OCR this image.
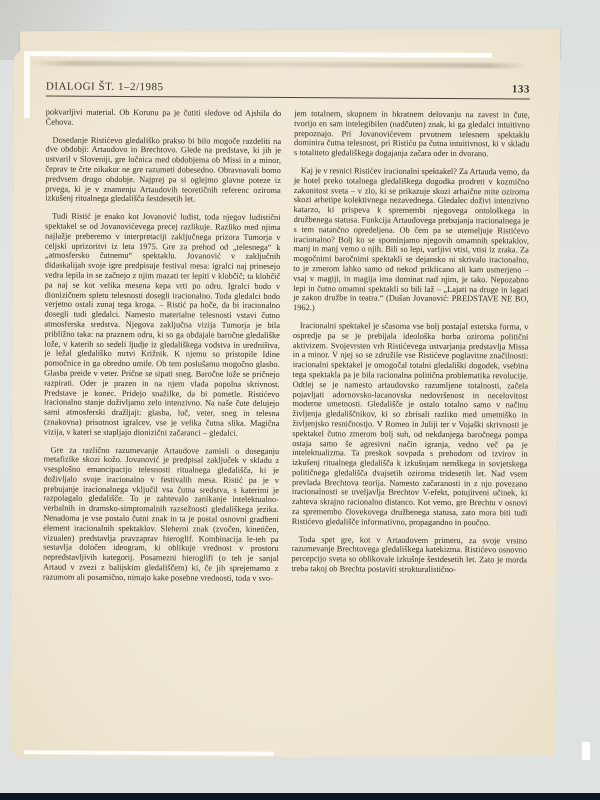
DIALOGI ŠT. 1–2/1985	133

pokvarljivi material. Ob Korunu pa je čutiti sledove od Ajshila do Čehova.

Dosedanje Ristićevo gledališko prakso bi bilo mogoče razdeliti na dve obdobji: Artaudovo in Brechtovo. Glede na predstave, ki jih je ustvaril v Sloveniji, gre ločnica med obdobjema ob Missi in a minor, čeprav te črte nikakor ne gre razumeti dobesedno. Obravnavali bomo predvsem drugo obdobje. Najprej pa si oglejmo glavne poteze iz prvega, ki je v znamenju Artaudovih teoretičnih referenc oziroma izkušenj ritualnega gledališča šestdesetih let.

Tudi Ristić je enako kot Jovanović ludist, toda njegov ludistični spektakel se od Jovanovićevega precej razlikuje. Razliko med njima najlažje preberemo v interpretaciji zaključnega prizora Tumorja v celjski uprizoritvi iz leta 1975. Gre za prehod od „telesnega“ k „atmosfersko čutnemu“ spektaklu. Jovanović v zaključnih didaskalijah svoje igre predpisuje festival mesa: igralci naj prinesejo vedra lepila in se začnejo z njim mazati ter lepiti v klobčič; ta klobčič pa naj se kot velika mesena kepa vrti po odru. Igralci bodo v dionizičnem spletu telesnosti dosegli iracionalno. Toda gledalci bodo verjetno ostali zunaj tega kroga. – Ristić pa hoče, da bi iracionalno dosegli tudi gledalci. Namesto materialne telesnosti vstavi čutno atmosferska sredstva. Njegova zaključna vizija Tumorja je bila približno taka: na praznem odru, ki so ga obdajale baročne gledališke lože, v katerih so sedeli ljudje iz gledališkega vodstva in uredništva, je ležal gledališko mrtvi Križnik. K njemu so pristopile Idine pomočnice in ga obredno umile. Ob tem poslušamo mogočno glasbo. Glasba preide v veter. Prične se sipati sneg. Baročne lože se pričnejo razpirati. Oder je prazen in na njem vlada popolna skrivnost. Predstave je konec. Pridejo snažilke, da bi pometle. Ristićevo iracionalno stanje doživljamo zelo intenzivno. Na naše čute delujejo sami atmosferski dražljaji: glasba, luč, veter, sneg in telesna (znakovna) prisotnost igralcev, vse je velika čutna slika. Magična vizija, v kateri se stapljajo dionizični začaranci – gledalci.

Gre za različno razumevanje Artaudove zamisli o doseganju metafizike skozi kožo. Jovanović je predpisal zaključek v skladu z vsesplošno emancipacijo telesnosti ritualnega gledališča, ki je doživljalo svoje iracionalno v festivalih mesa. Ristić pa je v prebujanje iracionalnega vključil vsa čutna sredstva, s katerimi je razpolagalo gledališče. To je zahtevalo zanikanje intelektualno-verbalnih in dramsko-simptomalnih razsežnosti gledališkega jezika. Nenadoma je vse postalo čutni znak in ta je postal osnovni gradbeni element iracionalnih spektaklov. Sleherni znak (zvočen, kinetičen, vizualen) predstavlja pravzaprav hieroglif. Kombinacija le-teh pa sestavlja določen ideogram, ki oblikuje vrednost v prostoru nepredstavljivih kategorij. Posamezni hieroglifi (o teh je sanjal Artaud v zvezi z balijskim gledališčem) ki, če jih sprejemamo z razumom ali posamično, nimajo kake posebne vrednosti, toda v svo-

jem totalnem, skupnem in hkratnem delovanju na zavest in čute, tvorijo en sam intelegibilen (nadčuten) znak, ki ga gledalci intuitivno prepoznajo. Pri Jovanovićevem prvotnem telesnem spektaklu dominira čutna telesnost, pri Ristiću pa čutna intuitivnost, ki v skladu s totaliteto gledališkega dogajanja začara oder in dvorano.

Kaj je v resnici Ristićev iracionalni spektakel? Za Artauda vemo, da je hotel preko totalnega gledališkega dogodka prodreti v kozmično zakonitost sveta – v zlo, ki se prikazuje skozi arhaične mite oziroma skozi arhetipe kolektivnega nezavednega. Gledalec doživi intenzivno katarzo, ki prispeva k spremembi njegovega ontološkega in družbenega statusa. Funkcija Artaudovega prebujanja iracionalnega je s tem natančno opredeljena. Ob čem pa se utemeljuje Ristićevo iracionalno? Bolj ko se spominjamo njegovih omamnih spektaklov, manj in manj vemo o njih. Bili so lepi, varljivi vtisi, vtisi iz zraka. Za mogočnimi baročnimi spektakli se dejansko ni skrivalo iracionalno, to je zmerom lahko samo od nekod priklicano ali kam usmerjeno – vsaj v magiji, in magija ima dominat nad njim, je tako. Nepozabno lepi in čutno omamni spektakli so bili laž – „Lajati na druge in lagati je zakon družbe in teatra.“ (Dušan Jovanović: PREDSTAVE NE BO, 1962.)

Iracionalni spektakel je sčasoma vse bolj postajal estetska forma, v ospredje pa se je prebijala ideološka borba oziroma politični aktivizem. Svojevrsten vrh Ristićevega ustvarjanja predstavlja Missa in a minor. V njej so se združile vse Ristićeve poglavitne značilnosti: iracionalni spektakel je omogočal totalni gledališki dogodek, vsebina tega spektakla pa je bila racionalna politična problematika revolucije. Odtlej se je namesto artaudovsko razumljene totalnosti, začela pojavljati adornovsko-lacanovska nedovršenost in necelovitost moderne umetnosti. Gledališče je ostalo totalno samo v načinu življenja gledališčnikov, ki so zbrisali razliko med umetniško in življenjsko resničnostjo. V Romeo in Juliji ter v Vojaški skrivnosti je spektakel čutno zmerom bolj suh, od nekdanjega baročnega pompa ostaja samo še agresivni način igranja, vedno več pa je intelektualizma. Ta preskok sovpada s prehodom od izvirov in izkušenj ritualnega gledališča k izkušnjam nemškega in sovjetskega političnega gledališča dvajsetih oziroma tridesetih let. Nad vsem prevlada Brechtova teorija. Namesto začaranosti in z njo povezano iracionalnosti se uveljavlja Brechtov V-efekt, potujitveni učinek, ki zahteva skrajno racionalno distanco. Kot vemo, gre Brechtu v osnovi za spremembo človekovega družbenega statusa, zato mora biti tudi Ristićevo gledališče informativno, propagandno in poučno.

Toda spet gre, kot v Artaudovem primeru, za svoje vrstno razumevanje Brechtovega gledališkega katekizma. Ristićevo osnovno percepcijo sveta so oblikovale izkušnje šestdesetih let. Zato je morda treba takoj ob Brechta postaviti strukturalistično-
